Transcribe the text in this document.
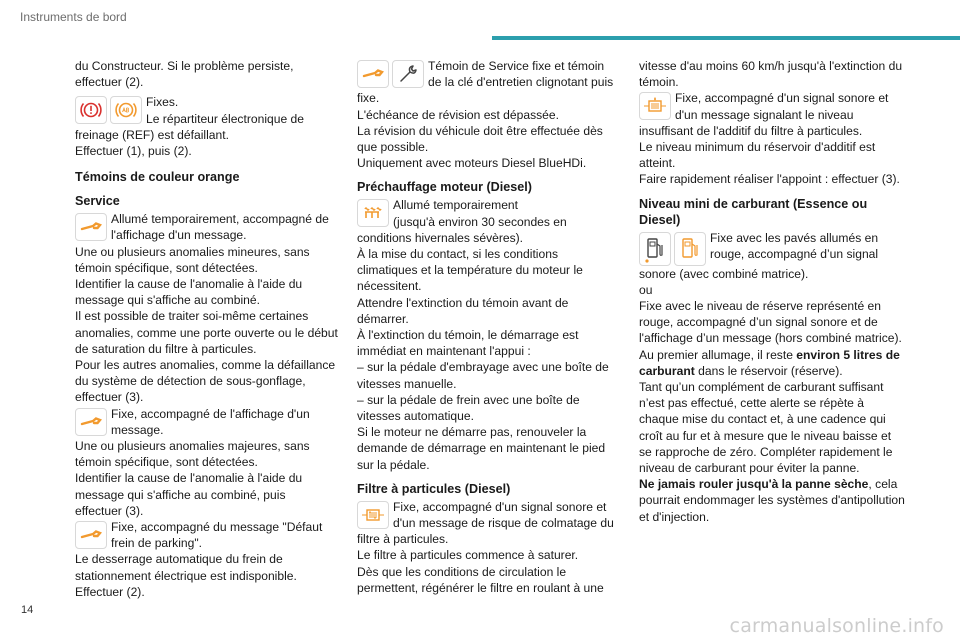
Instruments de bord

du Constructeur. Si le problème persiste, effectuer (2).

Fixes.
Le répartiteur électronique de
freinage (REF) est défaillant.
Effectuer (1), puis (2).
Témoins de couleur orange
Service
Allumé temporairement, accompagné de
l'affichage d'un message.
Une ou plusieurs anomalies mineures, sans
témoin spécifique, sont détectées.
Identifier la cause de l'anomalie à l'aide du
message qui s'affiche au combiné.
Il est possible de traiter soi-même certaines
anomalies, comme une porte ouverte ou le début
de saturation du filtre à particules.
Pour les autres anomalies, comme la défaillance
du système de détection de sous-gonflage,
effectuer (3).
Fixe, accompagné de l'affichage d'un
message.
Une ou plusieurs anomalies majeures, sans
témoin spécifique, sont détectées.
Identifier la cause de l'anomalie à l'aide du
message qui s'affiche au combiné, puis
effectuer (3).
Fixe, accompagné du message "Défaut
frein de parking".
Le desserrage automatique du frein de
stationnement électrique est indisponible.
Effectuer (2).
Témoin de Service fixe et témoin
de la clé d'entretien clignotant puis
fixe.
L'échéance de révision est dépassée.
La révision du véhicule doit être effectuée dès
que possible.
Uniquement avec moteurs Diesel BlueHDi.
Préchauffage moteur (Diesel)
Allumé temporairement
(jusqu'à environ 30 secondes en
conditions hivernales sévères).
À la mise du contact, si les conditions
climatiques et la température du moteur le
nécessitent.
Attendre l'extinction du témoin avant de
démarrer.
À l'extinction du témoin, le démarrage est
immédiat en maintenant l'appui :
– sur la pédale d'embrayage avec une boîte de
vitesses manuelle.
– sur la pédale de frein avec une boîte de
vitesses automatique.
Si le moteur ne démarre pas, renouveler la
demande de démarrage en maintenant le pied
sur la pédale.
Filtre à particules (Diesel)
Fixe, accompagné d'un signal sonore et
d'un message de risque de colmatage du
filtre à particules.
Le filtre à particules commence à saturer.
Dès que les conditions de circulation le
permettent, régénérer le filtre en roulant à une

vitesse d'au moins 60 km/h jusqu'à l'extinction du témoin.

Fixe, accompagné d'un signal sonore et
d'un message signalant le niveau
insuffisant de l'additif du filtre à particules.
Le niveau minimum du réservoir d'additif est
atteint.
Faire rapidement réaliser l'appoint : effectuer (3).
Niveau mini de carburant (Essence ou Diesel)
Fixe avec les pavés allumés en
rouge, accompagné d’un signal
sonore (avec combiné matrice).
ou
Fixe avec le niveau de réserve représenté en
rouge, accompagné d’un signal sonore et de
l'affichage d’un message (hors combiné matrice).

Au premier allumage, il reste environ 5 litres de
carburant dans le réservoir (réserve).

Tant qu’un complément de carburant suffisant n’est pas effectué, cette alerte se répète à chaque mise du contact et, à une cadence qui croît au fur et à mesure que le niveau baisse et se rapproche de zéro. Compléter rapidement le niveau de carburant pour éviter la panne.

Ne jamais rouler jusqu'à la panne sèche, cela pourrait endommager les systèmes d'antipollution et d'injection.

14
carmanualsonline.info
